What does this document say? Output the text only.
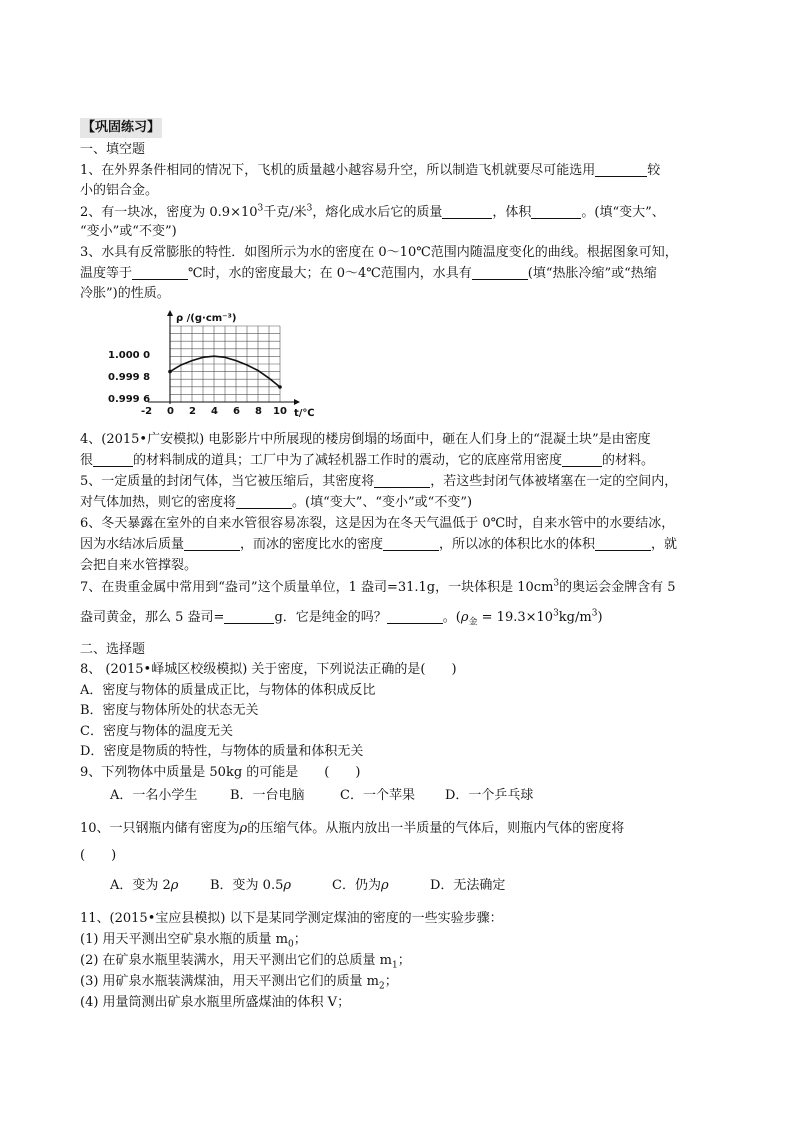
【巩固练习】
一、填空题
1、在外界条件相同的情况下，飞机的质量越小越容易升空，所以制造飞机就要尽可能选用	较
小的铝合金。
2、有一块冰，密度为 $0.9\times 10^3$千克/米$^3$，熔化成水后它的质量	，体积	。(填“变大”、
“变小”或“不变”)
3、水具有反常膨胀的特性．如图所示为水的密度在 0～10℃范围内随温度变化的曲线。根据图象可知，
温度等于	℃时，水的密度最大；在 0～4℃范围内，水具有	(填“热胀冷缩”或“热缩
冷胀”)的性质。
ρ /(g·cm⁻³)
t/℃
-2 0 2 4 6 8 10
1.000 0
0.999 8
0.999 6
4、(2015•广安模拟) 电影影片中所展现的楼房倒塌的场面中，砸在人们身上的“混凝土块”是由密度
很	的材料制成的道具；工厂中为了减轻机器工作时的震动，它的底座常用密度	的材料。
5、一定质量的封闭气体，当它被压缩后，其密度将	，若这些封闭气体被堵塞在一定的空间内，
对气体加热，则它的密度将	。(填“变大”、“变小”或“不变”)
6、冬天暴露在室外的自来水管很容易冻裂，这是因为在冬天气温低于 0℃时，自来水管中的水要结冰，
因为水结冰后质量	，而冰的密度比水的密度	，所以冰的体积比水的体积	，就
会把自来水管撑裂。
7、在贵重金属中常用到“盎司”这个质量单位，1 盎司=31.1g，一块体积是 $10cm^3$的奥运会金牌含有 5
盎司黄金，那么 5 盎司=	g．它是纯金的吗？	。$(\rho_金 = 19.3\times 10^3kg/m^3)$
二、选择题
8、 (2015•峄城区校级模拟) 关于密度，下列说法正确的是(　　)
A．密度与物体的质量成正比，与物体的体积成反比
B．密度与物体所处的状态无关
C．密度与物体的温度无关
D．密度是物质的特性，与物体的质量和体积无关
9、下列物体中质量是 50kg 的可能是　　(　　)
A．一名小学生	B．一台电脑	C．一个苹果 D．一个乒乓球
10、一只钢瓶内储有密度为ρ的压缩气体。从瓶内放出一半质量的气体后，则瓶内气体的密度将
(　　)
A．变为 2ρ B．变为 0.5ρ	C．仍为ρ	D．无法确定
11、(2015•宝应县模拟) 以下是某同学测定煤油的密度的一些实验步骤：
(1) 用天平测出空矿泉水瓶的质量 $m_0$；
(2) 在矿泉水瓶里装满水，用天平测出它们的总质量 $m_1$；
(3) 用矿泉水瓶装满煤油，用天平测出它们的质量 $m_2$；
(4) 用量筒测出矿泉水瓶里所盛煤油的体积 V；
